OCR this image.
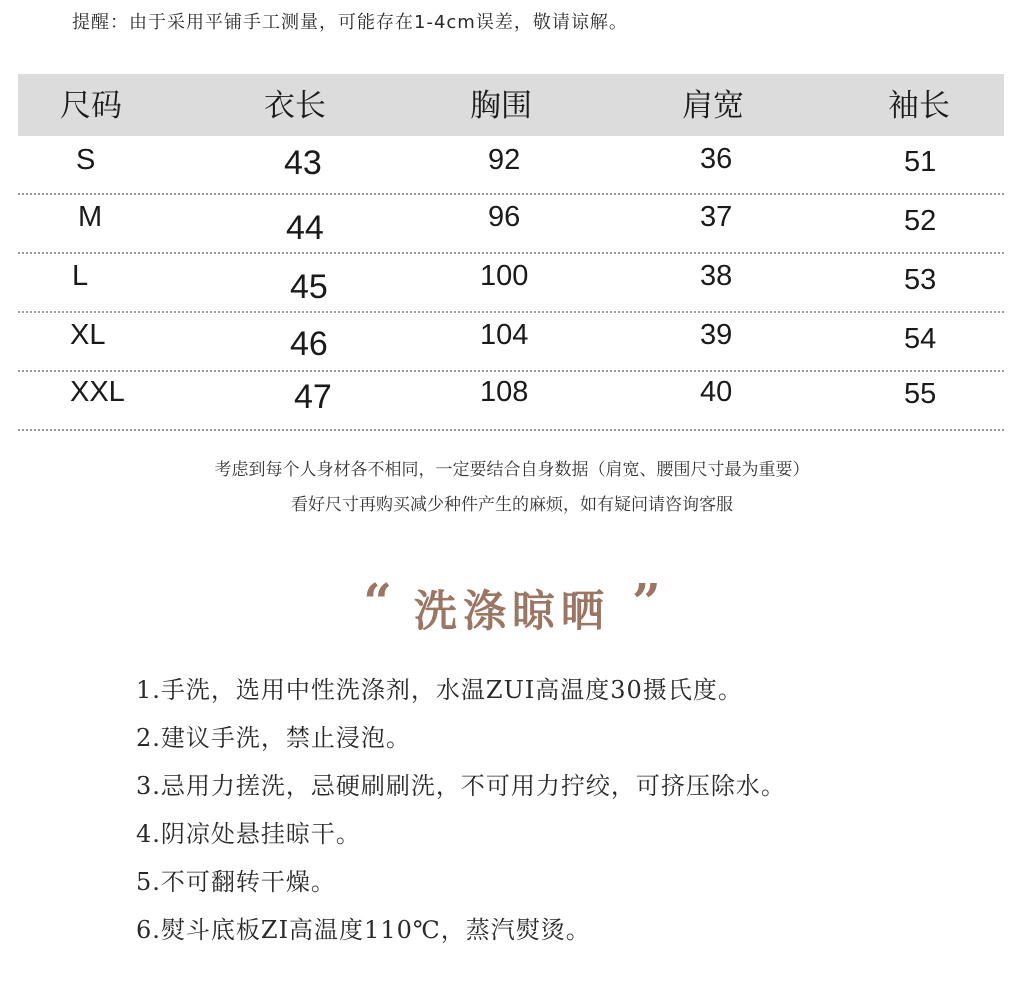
提醒：由于采用平铺手工测量，可能存在1-4cm误差，敬请谅解。
尺码	衣长	胸围	肩宽	袖长
S	43	92	36	51
M	44	96	37	52
L	45	100	38	53
XL	46	104	39	54
XXL	47	108	40	55
考虑到每个人身材各不相同，一定要结合自身数据（肩宽、腰围尺寸最为重要）
看好尺寸再购买减少种件产生的麻烦，如有疑问请咨询客服
“ 洗涤晾晒 ”
1.手洗，选用中性洗涤剂，水温ZUI高温度30摄氏度。
2.建议手洗，禁止浸泡。
3.忌用力搓洗，忌硬刷刷洗，不可用力拧绞，可挤压除水。
4.阴凉处悬挂晾干。
5.不可翻转干燥。
6.熨斗底板ZI高温度110℃，蒸汽熨烫。
